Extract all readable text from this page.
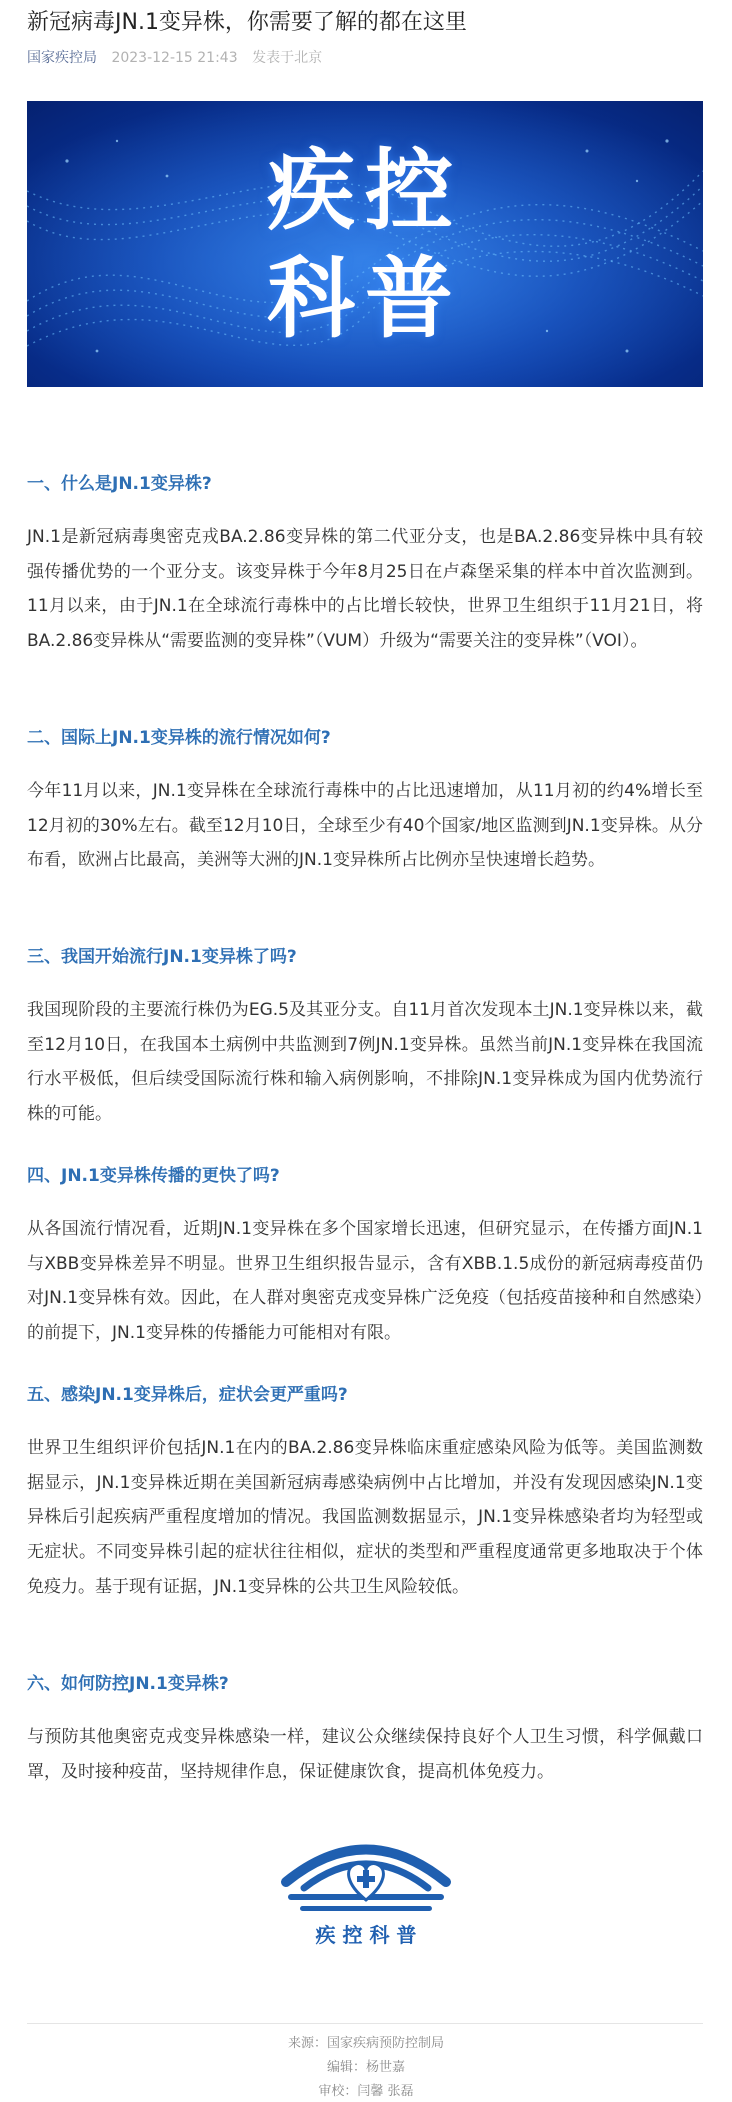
新冠病毒JN.1变异株，你需要了解的都在这里
国家疾控局 2023-12-15 21:43 发表于北京
疾控
科普
一、什么是JN.1变异株?
JN.1是新冠病毒奥密克戎BA.2.86变异株的第二代亚分支，也是BA.2.86变异株中具有较强传播优势的一个亚分支。该变异株于今年8月25日在卢森堡采集的样本中首次监测到。11月以来，由于JN.1在全球流行毒株中的占比增长较快，世界卫生组织于11月21日，将BA.2.86变异株从“需要监测的变异株”（VUM）升级为“需要关注的变异株”（VOI）。
二、国际上JN.1变异株的流行情况如何?
今年11月以来，JN.1变异株在全球流行毒株中的占比迅速增加，从11月初的约4%增长至12月初的30%左右。截至12月10日，全球至少有40个国家/地区监测到JN.1变异株。从分布看，欧洲占比最高，美洲等大洲的JN.1变异株所占比例亦呈快速增长趋势。
三、我国开始流行JN.1变异株了吗?
我国现阶段的主要流行株仍为EG.5及其亚分支。自11月首次发现本土JN.1变异株以来，截至12月10日，在我国本土病例中共监测到7例JN.1变异株。虽然当前JN.1变异株在我国流行水平极低，但后续受国际流行株和输入病例影响，不排除JN.1变异株成为国内优势流行株的可能。
四、JN.1变异株传播的更快了吗?
从各国流行情况看，近期JN.1变异株在多个国家增长迅速，但研究显示，在传播方面JN.1与XBB变异株差异不明显。世界卫生组织报告显示，含有XBB.1.5成份的新冠病毒疫苗仍对JN.1变异株有效。因此，在人群对奥密克戎变异株广泛免疫（包括疫苗接种和自然感染）的前提下，JN.1变异株的传播能力可能相对有限。
五、感染JN.1变异株后，症状会更严重吗?
世界卫生组织评价包括JN.1在内的BA.2.86变异株临床重症感染风险为低等。美国监测数据显示，JN.1变异株近期在美国新冠病毒感染病例中占比增加，并没有发现因感染JN.1变异株后引起疾病严重程度增加的情况。我国监测数据显示，JN.1变异株感染者均为轻型或无症状。不同变异株引起的症状往往相似，症状的类型和严重程度通常更多地取决于个体免疫力。基于现有证据，JN.1变异株的公共卫生风险较低。
六、如何防控JN.1变异株?
与预防其他奥密克戎变异株感染一样，建议公众继续保持良好个人卫生习惯，科学佩戴口罩，及时接种疫苗，坚持规律作息，保证健康饮食，提高机体免疫力。
疾 控 科 普
来源：国家疾病预防控制局
编辑：杨世嘉
审校：闫馨 张磊
